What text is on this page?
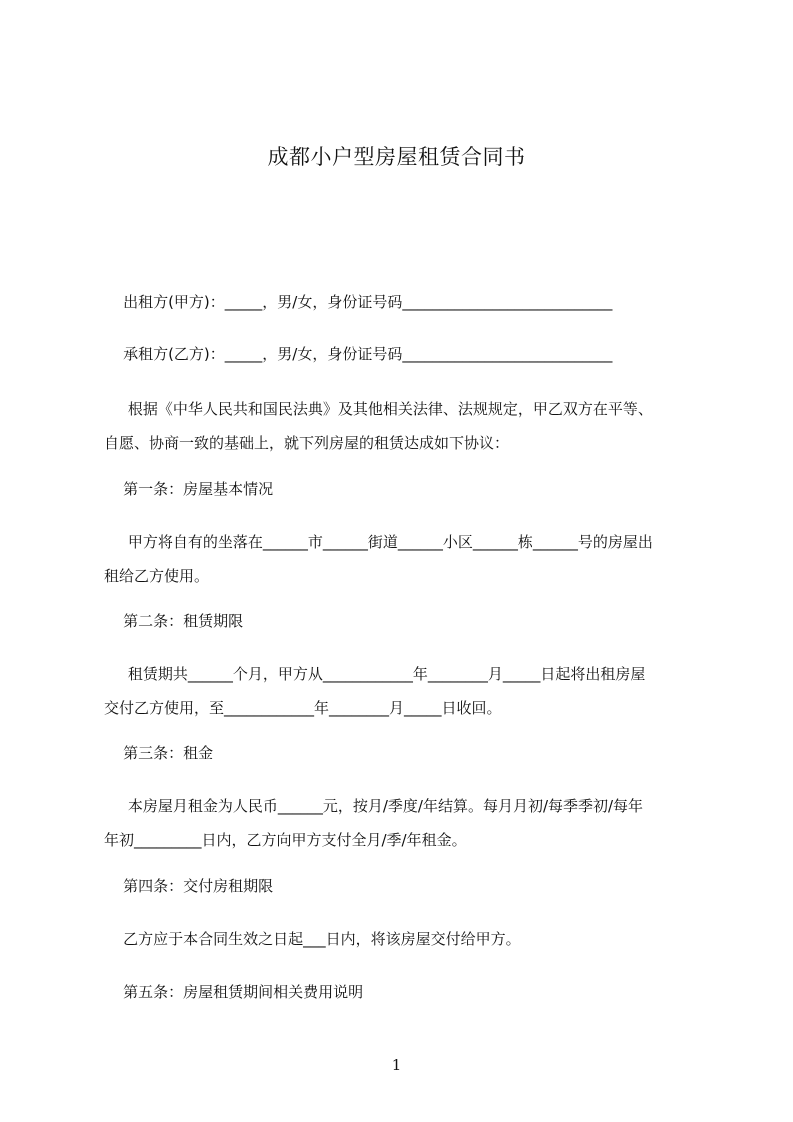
成都小户型房屋租赁合同书
出租方(甲方)：_____，男/女，身份证号码____________________________
承租方(乙方)：_____，男/女，身份证号码____________________________
根据《中华人民共和国民法典》及其他相关法律、法规规定，甲乙双方在平等、
自愿、协商一致的基础上，就下列房屋的租赁达成如下协议：
第一条：房屋基本情况
甲方将自有的坐落在______市______街道______小区______栋______号的房屋出
租给乙方使用。
第二条：租赁期限
租赁期共______个月，甲方从____________年________月_____日起将出租房屋
交付乙方使用，至____________年________月_____日收回。
第三条：租金
本房屋月租金为人民币______元，按月/季度/年结算。每月月初/每季季初/每年
年初_________日内，乙方向甲方支付全月/季/年租金。
第四条：交付房租期限
乙方应于本合同生效之日起___日内，将该房屋交付给甲方。
第五条：房屋租赁期间相关费用说明
1
